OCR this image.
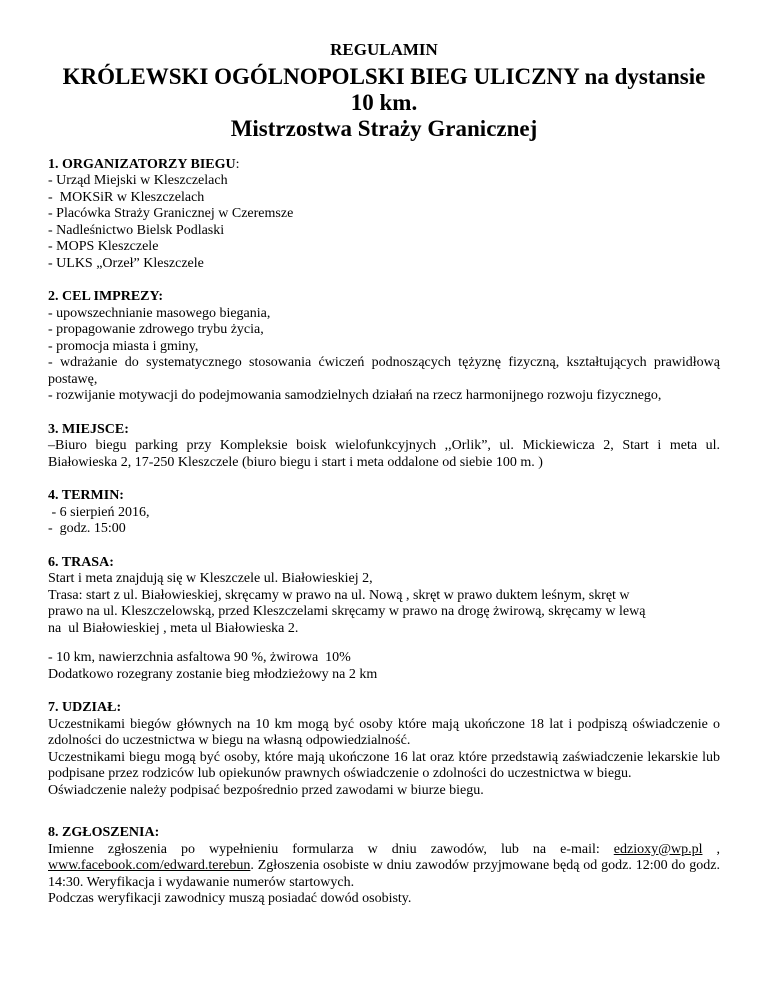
REGULAMIN
KRÓLEWSKI OGÓLNOPOLSKI BIEG ULICZNY na dystansie
10 km.
Mistrzostwa Straży Granicznej
1. ORGANIZATORZY BIEGU:

- Urząd Miejski w Kleszczelach

-  MOKSiR w Kleszczelach

- Placówka Straży Granicznej w Czeremsze

- Nadleśnictwo Bielsk Podlaski

- MOPS Kleszczele

- ULKS „Orzeł” Kleszczele

2. CEL IMPREZY:

- upowszechnianie masowego biegania,

- propagowanie zdrowego trybu życia,

- promocja miasta i gminy,

- wdrażanie do systematycznego stosowania ćwiczeń podnoszących tężyznę fizyczną, kształtujących prawidłową postawę,

- rozwijanie motywacji do podejmowania samodzielnych działań na rzecz harmonijnego rozwoju fizycznego,

3. MIEJSCE:

–Biuro biegu parking przy Kompleksie boisk wielofunkcyjnych ,,Orlik”, ul. Mickiewicza 2, Start i meta ul. Białowieska 2, 17-250 Kleszczele (biuro biegu i start i meta oddalone od siebie 100 m. )

4. TERMIN:

- 6 sierpień 2016,

-  godz. 15:00

6. TRASA:

Start i meta znajdują się w Kleszczele ul. Białowieskiej 2,

Trasa: start z ul. Białowieskiej, skręcamy w prawo na ul. Nową , skręt w prawo duktem leśnym, skręt w

prawo na ul. Kleszczelowską, przed Kleszczelami skręcamy w prawo na drogę żwirową, skręcamy w lewą

na  ul Białowieskiej , meta ul Białowieska 2.

- 10 km, nawierzchnia asfaltowa 90 %, żwirowa  10%

Dodatkowo rozegrany zostanie bieg młodzieżowy na 2 km

7. UDZIAŁ:

Uczestnikami biegów głównych na 10 km mogą być osoby które mają ukończone 18 lat i podpiszą oświadczenie o zdolności do uczestnictwa w biegu na własną odpowiedzialność.

Uczestnikami biegu mogą być osoby, które mają ukończone 16 lat oraz które przedstawią zaświadczenie lekarskie lub podpisane przez rodziców lub opiekunów prawnych oświadczenie o zdolności do uczestnictwa w biegu.

Oświadczenie należy podpisać bezpośrednio przed zawodami w biurze biegu.

8. ZGŁOSZENIA:

Imienne zgłoszenia po wypełnieniu formularza w dniu zawodów, lub na e-mail: edzioxy@wp.pl , www.facebook.com/edward.terebun. Zgłoszenia osobiste w dniu zawodów przyjmowane będą od godz. 12:00 do godz. 14:30. Weryfikacja i wydawanie numerów startowych.

Podczas weryfikacji zawodnicy muszą posiadać dowód osobisty.
